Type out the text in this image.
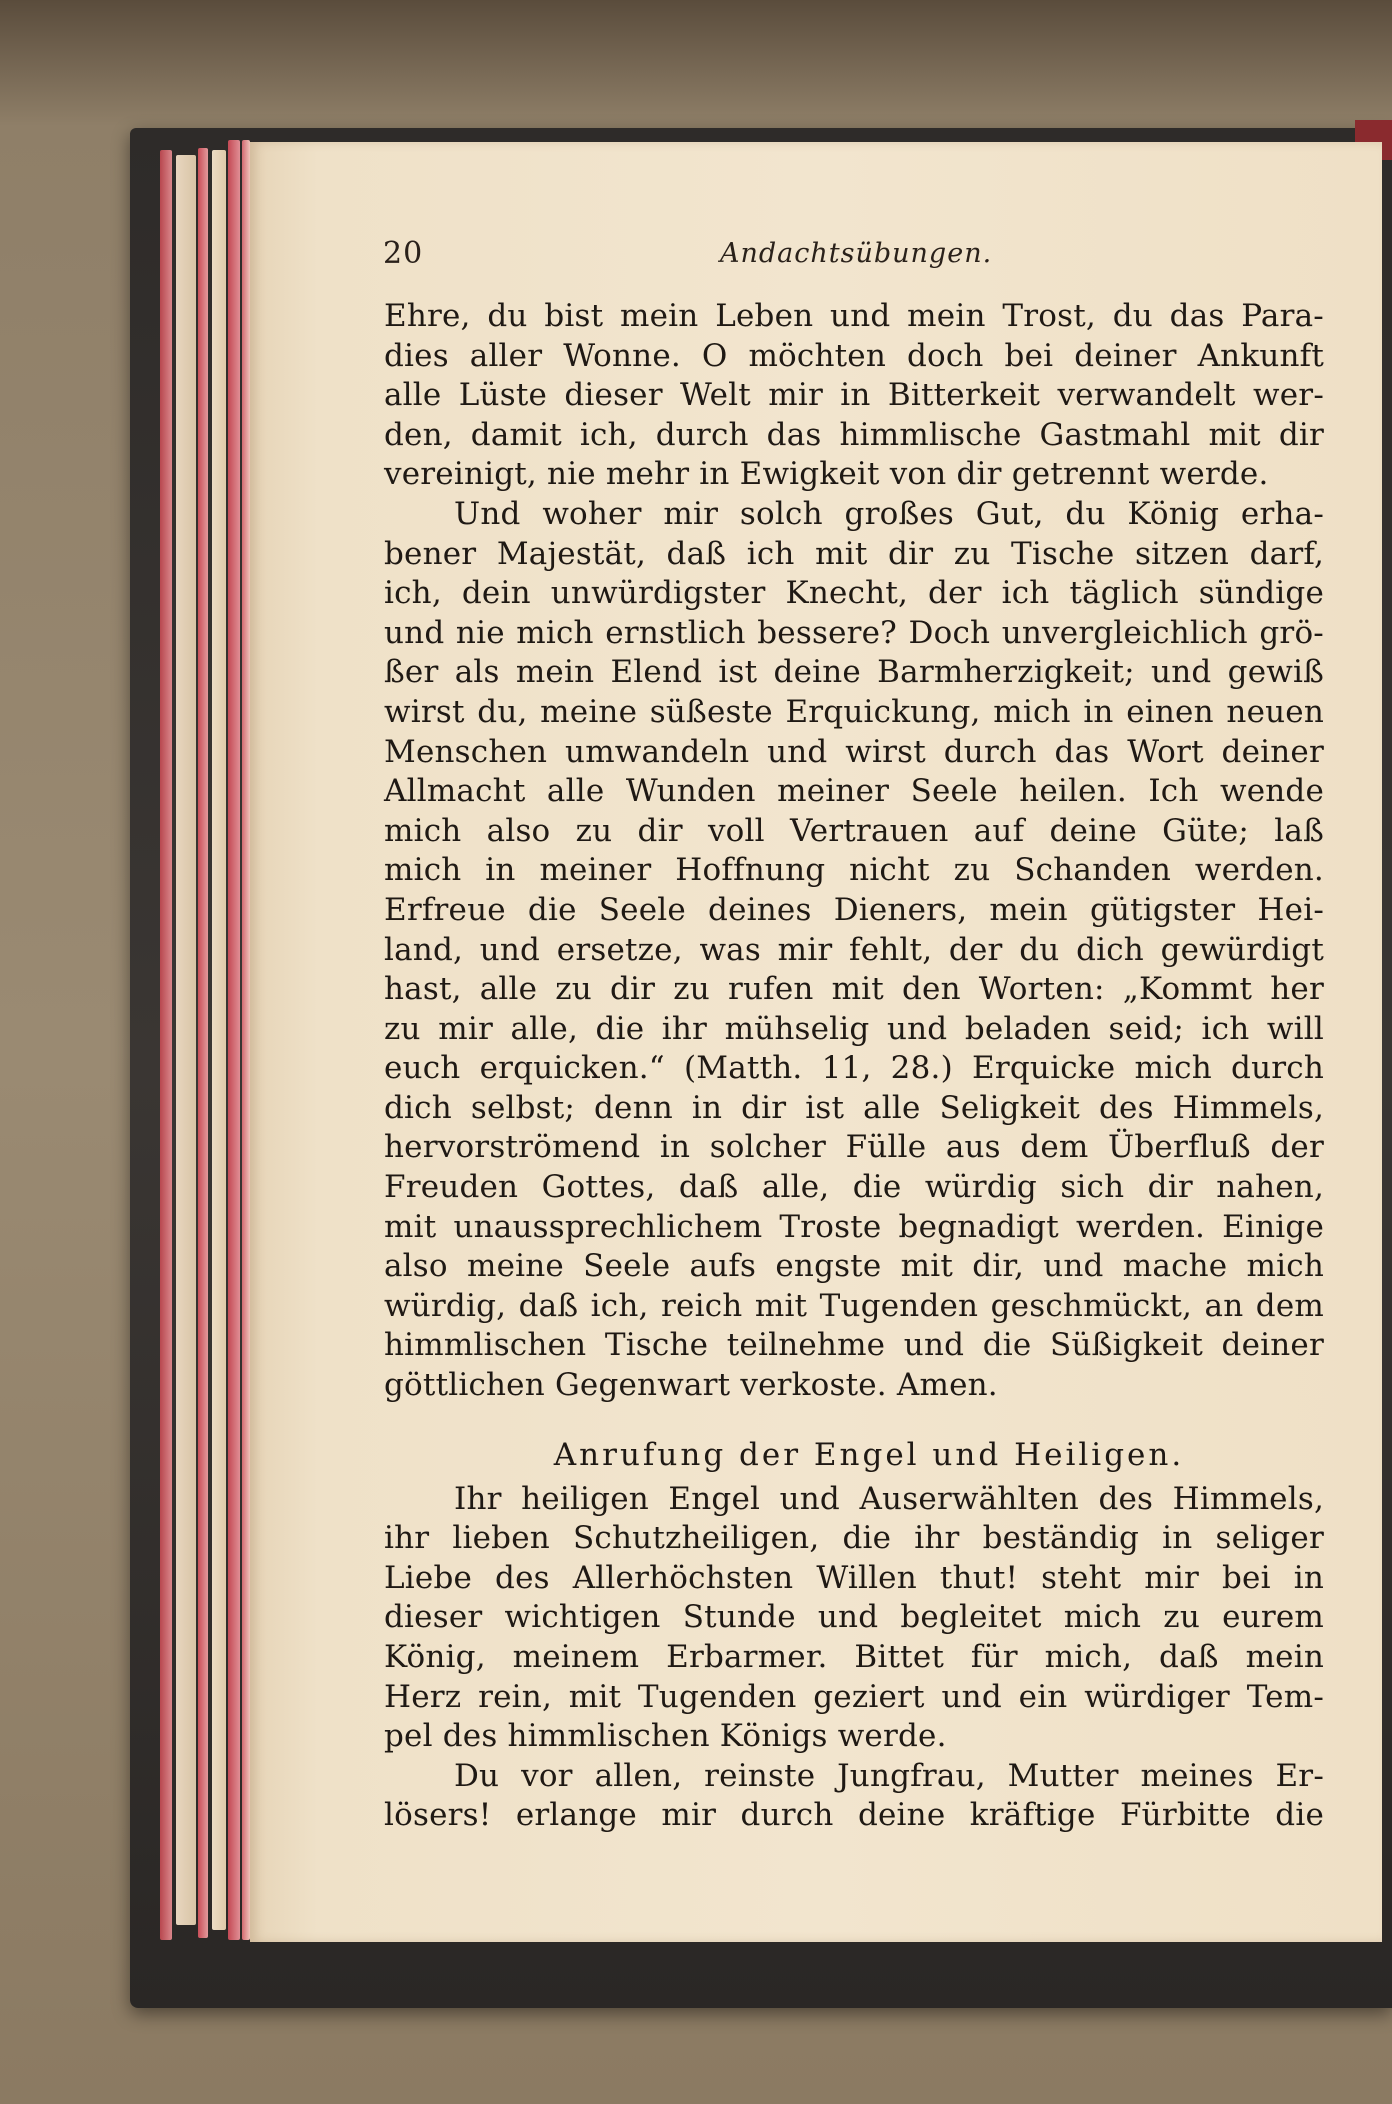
20	Andachtsübungen.
Ehre, du bist mein Leben und mein Trost, du das Para-
dies aller Wonne. O möchten doch bei deiner Ankunft
alle Lüste dieser Welt mir in Bitterkeit verwandelt wer-
den, damit ich, durch das himmlische Gastmahl mit dir
vereinigt, nie mehr in Ewigkeit von dir getrennt werde.
Und woher mir solch großes Gut, du König erha-
bener Majestät, daß ich mit dir zu Tische sitzen darf,
ich, dein unwürdigster Knecht, der ich täglich sündige
und nie mich ernstlich bessere? Doch unvergleichlich grö-
ßer als mein Elend ist deine Barmherzigkeit; und gewiß
wirst du, meine süßeste Erquickung, mich in einen neuen
Menschen umwandeln und wirst durch das Wort deiner
Allmacht alle Wunden meiner Seele heilen. Ich wende
mich also zu dir voll Vertrauen auf deine Güte; laß
mich in meiner Hoffnung nicht zu Schanden werden.
Erfreue die Seele deines Dieners, mein gütigster Hei-
land, und ersetze, was mir fehlt, der du dich gewürdigt
hast, alle zu dir zu rufen mit den Worten: „Kommt her
zu mir alle, die ihr mühselig und beladen seid; ich will
euch erquicken.“ (Matth. 11, 28.) Erquicke mich durch
dich selbst; denn in dir ist alle Seligkeit des Himmels,
hervorströmend in solcher Fülle aus dem Überfluß der
Freuden Gottes, daß alle, die würdig sich dir nahen,
mit unaussprechlichem Troste begnadigt werden. Einige
also meine Seele aufs engste mit dir, und mache mich
würdig, daß ich, reich mit Tugenden geschmückt, an dem
himmlischen Tische teilnehme und die Süßigkeit deiner
göttlichen Gegenwart verkoste. Amen.
Anrufung der Engel und Heiligen.
Ihr heiligen Engel und Auserwählten des Himmels,
ihr lieben Schutzheiligen, die ihr beständig in seliger
Liebe des Allerhöchsten Willen thut! steht mir bei in
dieser wichtigen Stunde und begleitet mich zu eurem
König, meinem Erbarmer. Bittet für mich, daß mein
Herz rein, mit Tugenden geziert und ein würdiger Tem-
pel des himmlischen Königs werde.
Du vor allen, reinste Jungfrau, Mutter meines Er-
lösers! erlange mir durch deine kräftige Fürbitte die
